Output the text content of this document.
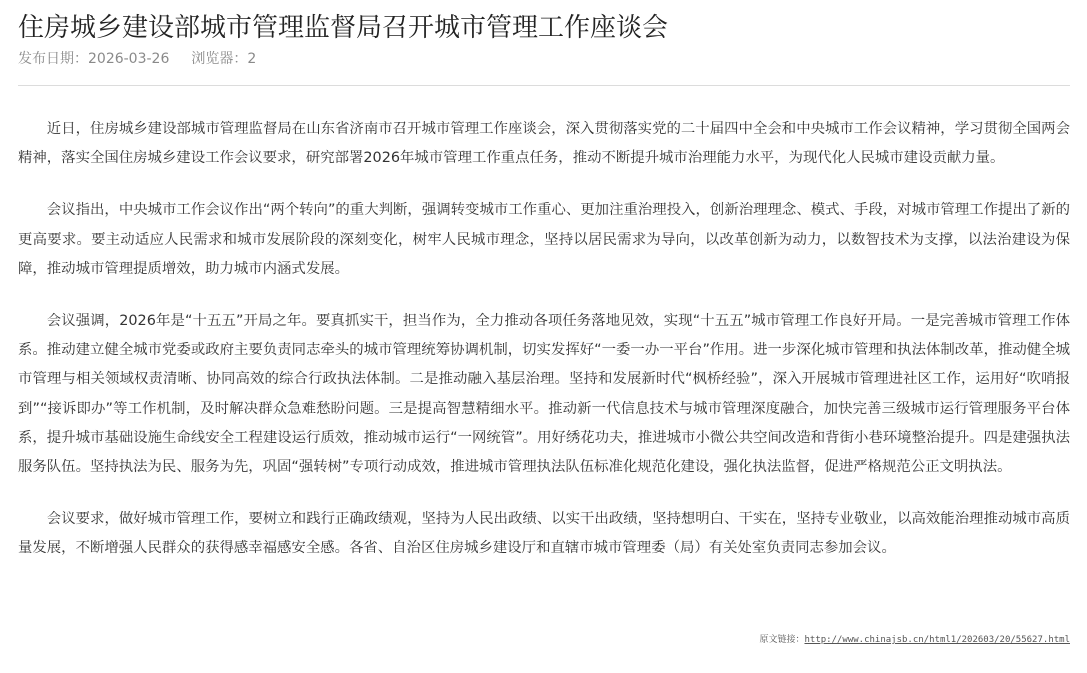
住房城乡建设部城市管理监督局召开城市管理工作座谈会
发布日期：2026-03-26 浏览器：2

近日，住房城乡建设部城市管理监督局在山东省济南市召开城市管理工作座谈会，深入贯彻落实党的二十届四中全会和中央城市工作会议精神，学习贯彻全国两会精神，落实全国住房城乡建设工作会议要求，研究部署2026年城市管理工作重点任务，推动不断提升城市治理能力水平，为现代化人民城市建设贡献力量。

会议指出，中央城市工作会议作出“两个转向”的重大判断，强调转变城市工作重心、更加注重治理投入，创新治理理念、模式、手段，对城市管理工作提出了新的更高要求。要主动适应人民需求和城市发展阶段的深刻变化，树牢人民城市理念，坚持以居民需求为导向，以改革创新为动力，以数智技术为支撑，以法治建设为保障，推动城市管理提质增效，助力城市内涵式发展。

会议强调，2026年是“十五五”开局之年。要真抓实干，担当作为，全力推动各项任务落地见效，实现“十五五”城市管理工作良好开局。一是完善城市管理工作体系。推动建立健全城市党委或政府主要负责同志牵头的城市管理统筹协调机制，切实发挥好“一委一办一平台”作用。进一步深化城市管理和执法体制改革，推动健全城市管理与相关领域权责清晰、协同高效的综合行政执法体制。二是推动融入基层治理。坚持和发展新时代“枫桥经验”，深入开展城市管理进社区工作，运用好“吹哨报到”“接诉即办”等工作机制，及时解决群众急难愁盼问题。三是提高智慧精细水平。推动新一代信息技术与城市管理深度融合，加快完善三级城市运行管理服务平台体系，提升城市基础设施生命线安全工程建设运行质效，推动城市运行“一网统管”。用好绣花功夫，推进城市小微公共空间改造和背街小巷环境整治提升。四是建强执法服务队伍。坚持执法为民、服务为先，巩固“强转树”专项行动成效，推进城市管理执法队伍标准化规范化建设，强化执法监督，促进严格规范公正文明执法。

会议要求，做好城市管理工作，要树立和践行正确政绩观，坚持为人民出政绩、以实干出政绩，坚持想明白、干实在，坚持专业敬业，以高效能治理推动城市高质量发展，不断增强人民群众的获得感幸福感安全感。各省、自治区住房城乡建设厅和直辖市城市管理委（局）有关处室负责同志参加会议。

原文链接：http://www.chinajsb.cn/html1/202603/20/55627.html
